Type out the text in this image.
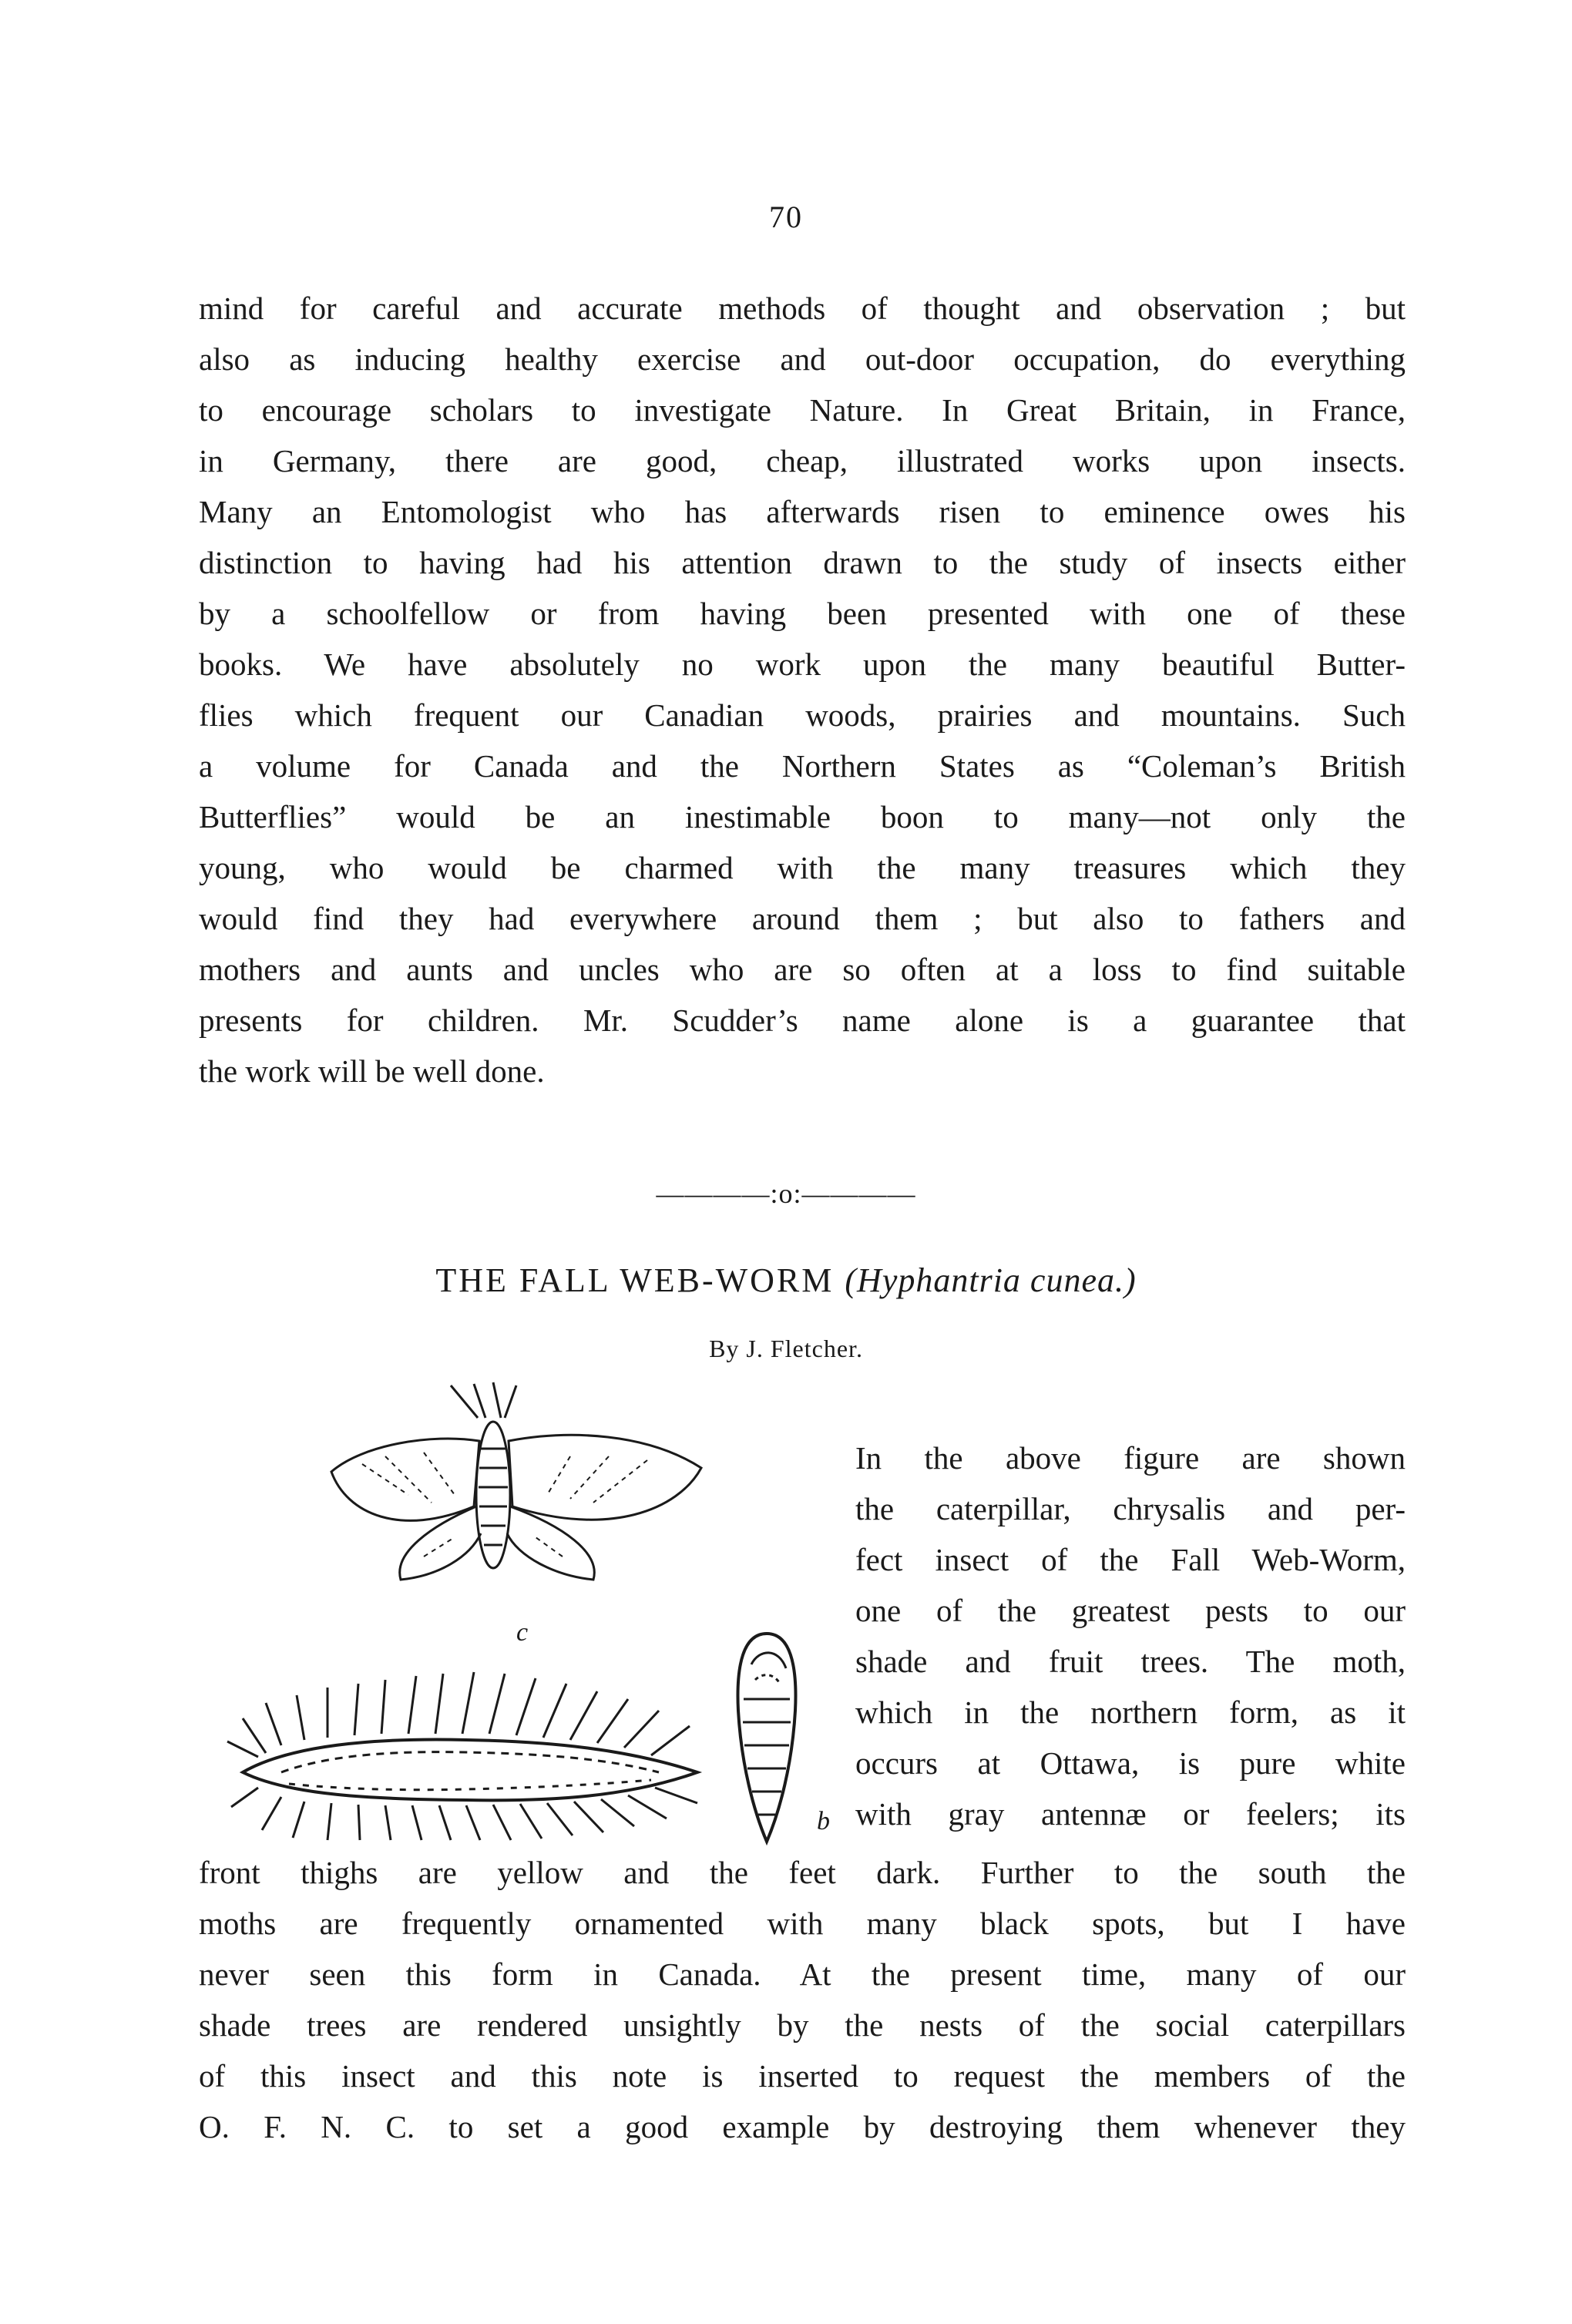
70
mind for careful and accurate methods of thought and observation ; but
also as inducing healthy exercise and out-door occupation, do everything
to encourage scholars to investigate Nature. In Great Britain, in France,
in Germany, there are good, cheap, illustrated works upon insects.
Many an Entomologist who has afterwards risen to eminence owes his
distinction to having had his attention drawn to the study of insects either
by a schoolfellow or from having been presented with one of these
books. We have absolutely no work upon the many beautiful Butter-
flies which frequent our Canadian woods, prairies and mountains. Such
a volume for Canada and the Northern States as “Coleman’s British
Butterflies” would be an inestimable boon to many—not only the
young, who would be charmed with the many treasures which they
would find they had everywhere around them ; but also to fathers and
mothers and aunts and uncles who are so often at a loss to find suitable
presents for children. Mr. Scudder’s name alone is a guarantee that
the work will be well done.
————:o:————
THE FALL WEB-WORM (Hyphantria cunea.)
By J. Fletcher.
c
b
In the above figure are shown
the caterpillar, chrysalis and per-
fect insect of the Fall Web-Worm,
one of the greatest pests to our
shade and fruit trees. The moth,
which in the northern form, as it
occurs at Ottawa, is pure white
with gray antennæ or feelers; its
front thighs are yellow and the feet dark. Further to the south the
moths are frequently ornamented with many black spots, but I have
never seen this form in Canada. At the present time, many of our
shade trees are rendered unsightly by the nests of the social caterpillars
of this insect and this note is inserted to request the members of the
O. F. N. C. to set a good example by destroying them whenever they
